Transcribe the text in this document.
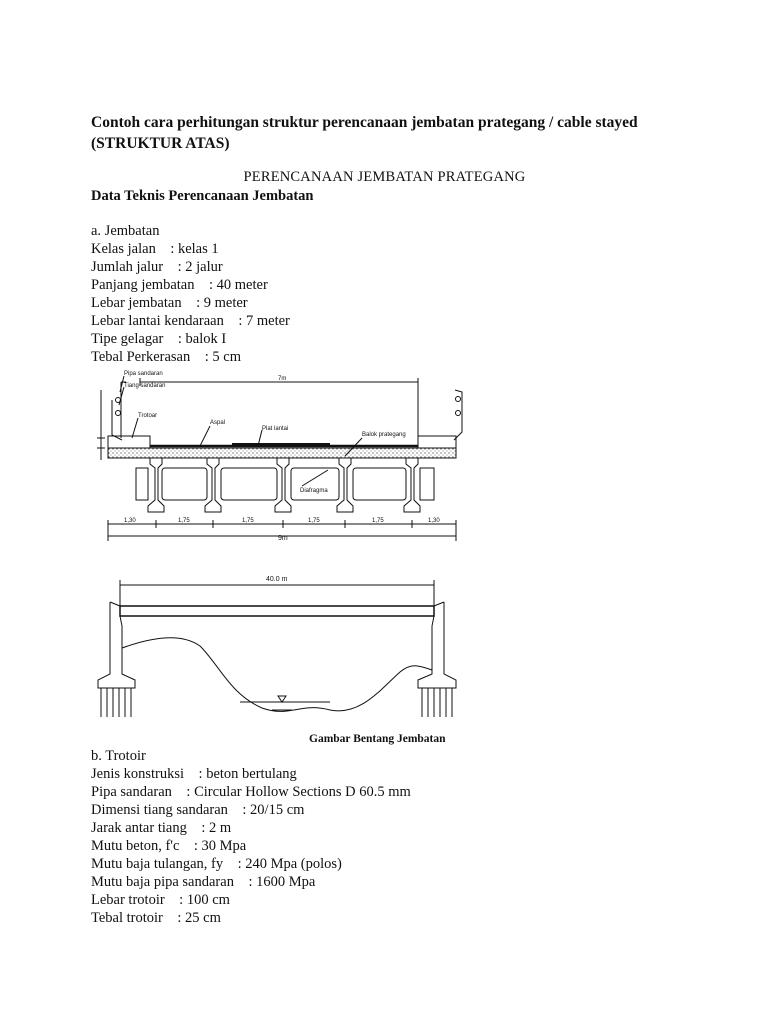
Contoh cara perhitungan struktur perencanaan jembatan prategang / cable stayed (STRUKTUR ATAS)
PERENCANAAN JEMBATAN PRATEGANG
Data Teknis Perencanaan Jembatan
a. Jembatan
Kelas jalan    : kelas 1
Jumlah jalur    : 2 jalur
Panjang jembatan    : 40 meter
Lebar jembatan    : 9 meter
Lebar lantai kendaraan    : 7 meter
Tipe gelagar    : balok I
Tebal Perkerasan    : 5 cm
Pipa sandaran
Tiang sandaran
Trotoar
Aspal
Plat lantai
Balok prategang
Diafragma
7m
1,30	1,75	1,75	1,75	1,75	1,30
9m
40.0 m
Gambar Bentang Jembatan
b. Trotoir
Jenis konstruksi    : beton bertulang
Pipa sandaran    : Circular Hollow Sections D 60.5 mm
Dimensi tiang sandaran    : 20/15 cm
Jarak antar tiang    : 2 m
Mutu beton, f'c    : 30 Mpa
Mutu baja tulangan, fy    : 240 Mpa (polos)
Mutu baja pipa sandaran    : 1600 Mpa
Lebar trotoir    : 100 cm
Tebal trotoir    : 25 cm
